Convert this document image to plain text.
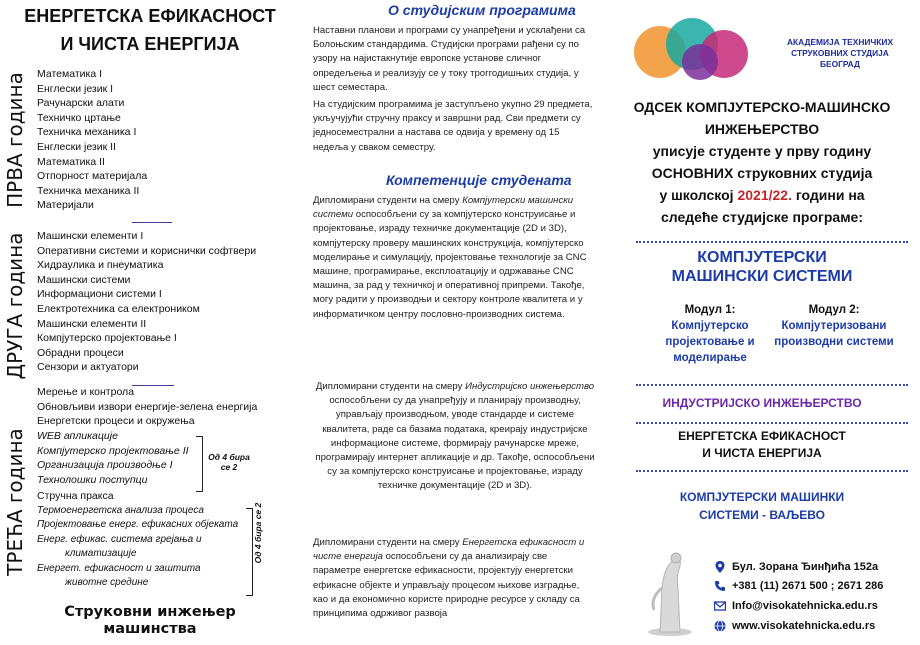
ЕНЕРГЕТСКА ЕФИКАСНОСТ
И ЧИСТА ЕНЕРГИЈА
ПРВА година
ДРУГА година
ТРЕЋА година
Математика I
Енглески језик I
Рачунарски алати
Техничко цртање
Техничка механика I
Енглески језик II
Математика II
Отпорност материјала
Техничка механика II
Материјали
Машински елементи I
Оперативни системи и кориснички софтвери
Хидраулика и пнеуматика
Машински системи
Информациони системи I
Електротехника са електроником
Машински елементи II
Компјутерско пројектовање I
Обрадни процеси
Сензори и актуатори
Мерење и контрола
Обновљиви извори енергије-зелена енергија
Енергетски процеси и окружења
WEB апликације
Компјутерско пројектовање II
Организација производње I
Технолошки поступци
Стручна пракса
Термоенергетска анализа процеса
Пројектовање енерг. ефикасних објеката
Енерг. ефикас. система грејања и
климатизације
Енергет. ефикасност и заштита
животне средине
Од 4 бира
се 2
Од 4 бира се 2
Струковни инжењер
машинства
О студијским програмима
Наставни планови и програми су унапређени и усклађени са Болоњским стандардима. Студијски програми рађени су по узору на најистакнутије европске установе сличног опредељења и реализују се у току троггодишњих студија, у шест семестара.
На студијским програмима је заступљено укупно 29 предмета, укључујући стручну праксу и завршни рад. Сви предмети су једносеместрални а настава се одвија у времену од 15 недеља у сваком семестру.
Компетенције студената
Дипломирани студенти на смеру Компјутерски машински системи оспособљени су за компјутерско конструисање и пројектовање, израду техничке документације (2D и 3D), компјутерску проверу машинских конструкција, компјутерско моделирање и симулацију, пројектовање технологије за CNC машине, програмирање, експлоатацију и одржавање CNC машина, за рад у техничкој и оперативној припреми. Такође, могу радити у производњи и сектору контроле квалитета и у информатичком центру пословно-производних система.
Дипломирани студенти на смеру Индустријско инжењерство оспособљени су да унапређују и планирају производњу, управљају производњом, уводе стандарде и системе квалитета, раде са базама података, креирају индустријске информационе системе, формирају рачунарске мреже, програмирају интернет апликације и др. Такође, оспособљени су за компјутерско конструисање и пројектовање, израду техничке документације (2D и 3D).
Дипломирани студенти на смеру Енергетска ефикасност и чисте енергија оспособљени су да анализирају све параметре енергетске ефикасности, пројектују енергетски ефикасне објекте и управљају процесом њихове изградње, као и да економично користе природне ресурсе у складу са принципима одрживог развоја
АКАДЕМИЈА ТЕХНИЧКИХ
СТРУКОВНИХ СТУДИЈА
БЕОГРАД
ОДСЕК КОМПЈУТЕРСКО-МАШИНСКО
ИНЖЕЊЕРСТВО
уписује студенте у прву годину
ОСНОВНИХ струковних студија
у школској 2021/22. години на
следеће студијске програме:
КОМПЈУТЕРСКИ
МАШИНСКИ СИСТЕМИ
Модул 1:
Компјутерско пројектовање и моделирање
Модул 2:
Компјутеризовани производни системи
ИНДУСТРИЈСКО ИНЖЕЊЕРСТВО
ЕНЕРГЕТСКА ЕФИКАСНОСТ
И ЧИСТА ЕНЕРГИЈА
КОМПЈУТЕРСКИ МАШИНКИ
СИСТЕМИ - ВАЉЕВО
Бул. Зорана Ђинђића 152а
+381 (11) 2671 500 ; 2671 286
Info@visokatehnicka.edu.rs
www.visokatehnicka.edu.rs
